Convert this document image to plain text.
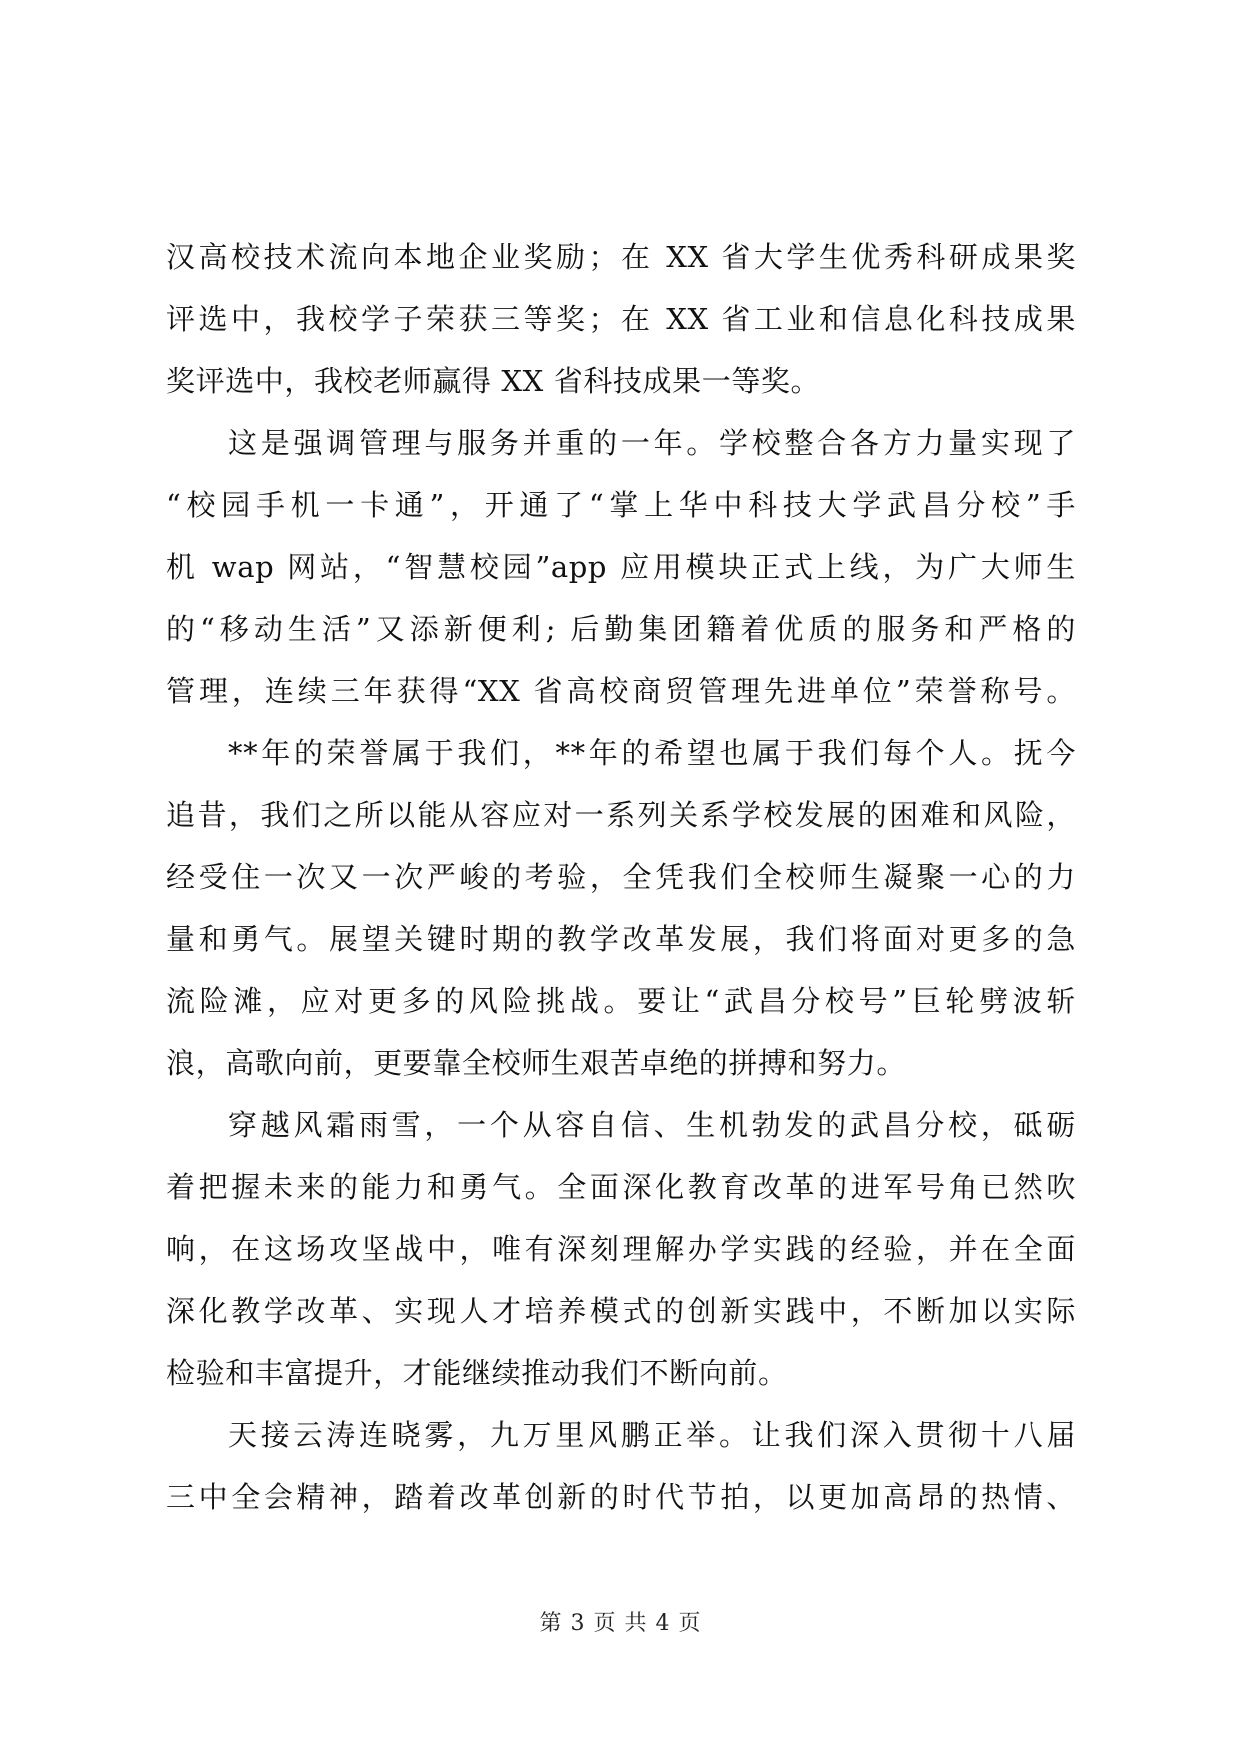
汉高校技术流向本地企业奖励；在 XX 省大学生优秀科研成果奖
评选中，我校学子荣获三等奖；在 XX 省工业和信息化科技成果
奖评选中，我校老师赢得 XX 省科技成果一等奖。
这是强调管理与服务并重的一年。学校整合各方力量实现了
“校园手机一卡通”，开通了“掌上华中科技大学武昌分校”手
机 wap 网站，“智慧校园”app 应用模块正式上线，为广大师生
的“移动生活”又添新便利; 后勤集团籍着优质的服务和严格的
管理，连续三年获得“XX 省高校商贸管理先进单位”荣誉称号。
**年的荣誉属于我们，**年的希望也属于我们每个人。抚今
追昔，我们之所以能从容应对一系列关系学校发展的困难和风险，
经受住一次又一次严峻的考验，全凭我们全校师生凝聚一心的力
量和勇气。展望关键时期的教学改革发展，我们将面对更多的急
流险滩，应对更多的风险挑战。要让“武昌分校号”巨轮劈波斩
浪，高歌向前，更要靠全校师生艰苦卓绝的拼搏和努力。
穿越风霜雨雪，一个从容自信、生机勃发的武昌分校，砥砺
着把握未来的能力和勇气。全面深化教育改革的进军号角已然吹
响，在这场攻坚战中，唯有深刻理解办学实践的经验，并在全面
深化教学改革、实现人才培养模式的创新实践中，不断加以实际
检验和丰富提升，才能继续推动我们不断向前。
天接云涛连晓雾，九万里风鹏正举。让我们深入贯彻十八届
三中全会精神，踏着改革创新的时代节拍，以更加高昂的热情、
第 3 页 共 4 页
